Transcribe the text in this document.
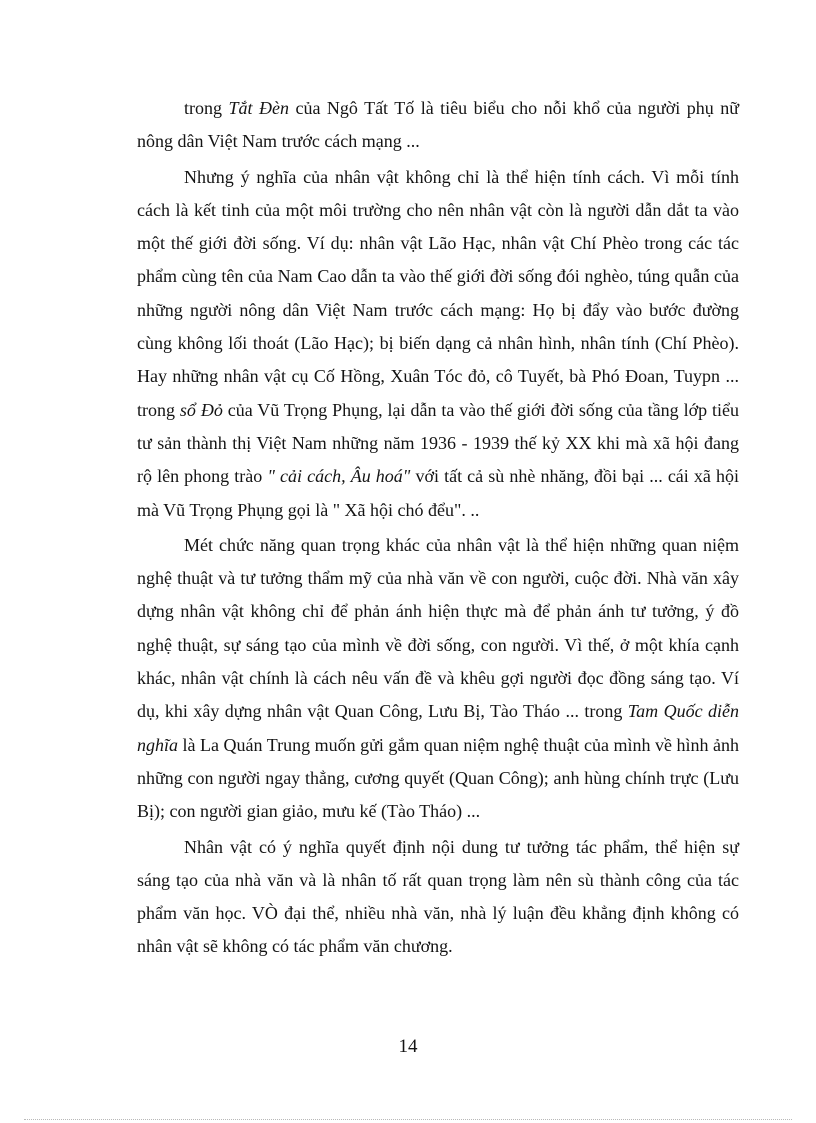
trong Tắt Đèn của Ngô Tất Tố là tiêu biểu cho nỗi khổ của người phụ nữ nông dân Việt Nam trước cách mạng ...

Nhưng ý nghĩa của nhân vật không chỉ là thể hiện tính cách. Vì mỗi tính cách là kết tinh của một môi trường cho nên nhân vật còn là người dẫn dắt ta vào một thế giới đời sống. Ví dụ: nhân vật Lão Hạc, nhân vật Chí Phèo trong các tác phẩm cùng tên của Nam Cao dẫn ta vào thế giới đời sống đói nghèo, túng quẫn của những người nông dân Việt Nam trước cách mạng: Họ bị đẩy vào bước đường cùng không lối thoát (Lão Hạc); bị biến dạng cả nhân hình, nhân tính (Chí Phèo). Hay những nhân vật cụ Cố Hồng, Xuân Tóc đỏ, cô Tuyết, bà Phó Đoan, Tuypn ... trong sổ Đỏ của Vũ Trọng Phụng, lại dẫn ta vào thế giới đời sống của tầng lớp tiểu tư sản thành thị Việt Nam những năm 1936 - 1939 thế kỷ XX khi mà xã hội đang rộ lên phong trào " cải cách, Âu hoá" với tất cả sù nhè nhăng, đồi bại ... cái xã hội mà Vũ Trọng Phụng gọi là " Xã hội chó đểu". ..

Mét chức năng quan trọng khác của nhân vật là thể hiện những quan niệm nghệ thuật và tư tưởng thẩm mỹ của nhà văn về con người, cuộc đời. Nhà văn xây dựng nhân vật không chỉ để phản ánh hiện thực mà để phản ánh tư tưởng, ý đồ nghệ thuật, sự sáng tạo của mình về đời sống, con người. Vì thế, ở một khía cạnh khác, nhân vật chính là cách nêu vấn đề và khêu gợi người đọc đồng sáng tạo. Ví dụ, khi xây dựng nhân vật Quan Công, Lưu Bị, Tào Tháo ... trong Tam Quốc diễn nghĩa là La Quán Trung muốn gửi gắm quan niệm nghệ thuật của mình về hình ảnh những con người ngay thẳng, cương quyết (Quan Công); anh hùng chính trực (Lưu Bị); con người gian giảo, mưu kế (Tào Tháo) ...

Nhân vật có ý nghĩa quyết định nội dung tư tưởng tác phẩm, thể hiện sự sáng tạo của nhà văn và là nhân tố rất quan trọng làm nên sù thành công của tác phẩm văn học. VÒ đại thể, nhiều nhà văn, nhà lý luận đều khẳng định không có nhân vật sẽ không có tác phẩm văn chương.

14
